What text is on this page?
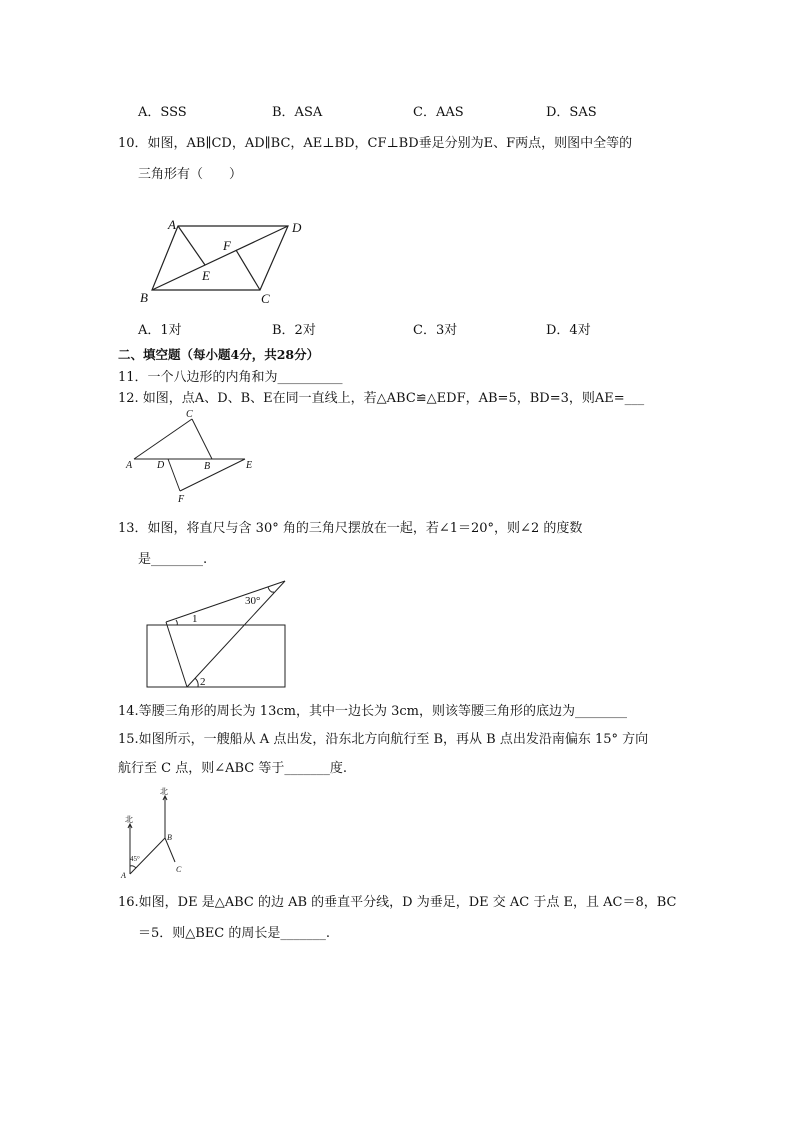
A．SSS	B．ASA	C．AAS	D．SAS
10．如图，AB∥CD，AD∥BC，AE⊥BD，CF⊥BD垂足分别为E、F两点，则图中全等的
三角形有（　　）
A	D
B	C
E
F
A．1对	B．2对	C．3对	D．4对
二、填空题（每小题4分，共28分）
11．一个八边形的内角和为__________
12. 如图，点A、D、B、E在同一直线上，若△ABC≌△EDF，AB=5，BD=3，则AE=___
A D	B	E
C
F
13．如图，将直尺与含 30° 角的三角尺摆放在一起，若∠1＝20°，则∠2 的度数
是________.
30°
1
2
14.等腰三角形的周长为 13cm，其中一边长为 3cm，则该等腰三角形的底边为________
15.如图所示，一艘船从 A 点出发，沿东北方向航行至 B，再从 B 点出发沿南偏东 15° 方向
航行至 C 点，则∠ABC 等于_______度.
北
北
B
A
C
45°
16.如图，DE 是△ABC 的边 AB 的垂直平分线，D 为垂足，DE 交 AC 于点 E，且 AC＝8，BC
＝5．则△BEC 的周长是_______.
